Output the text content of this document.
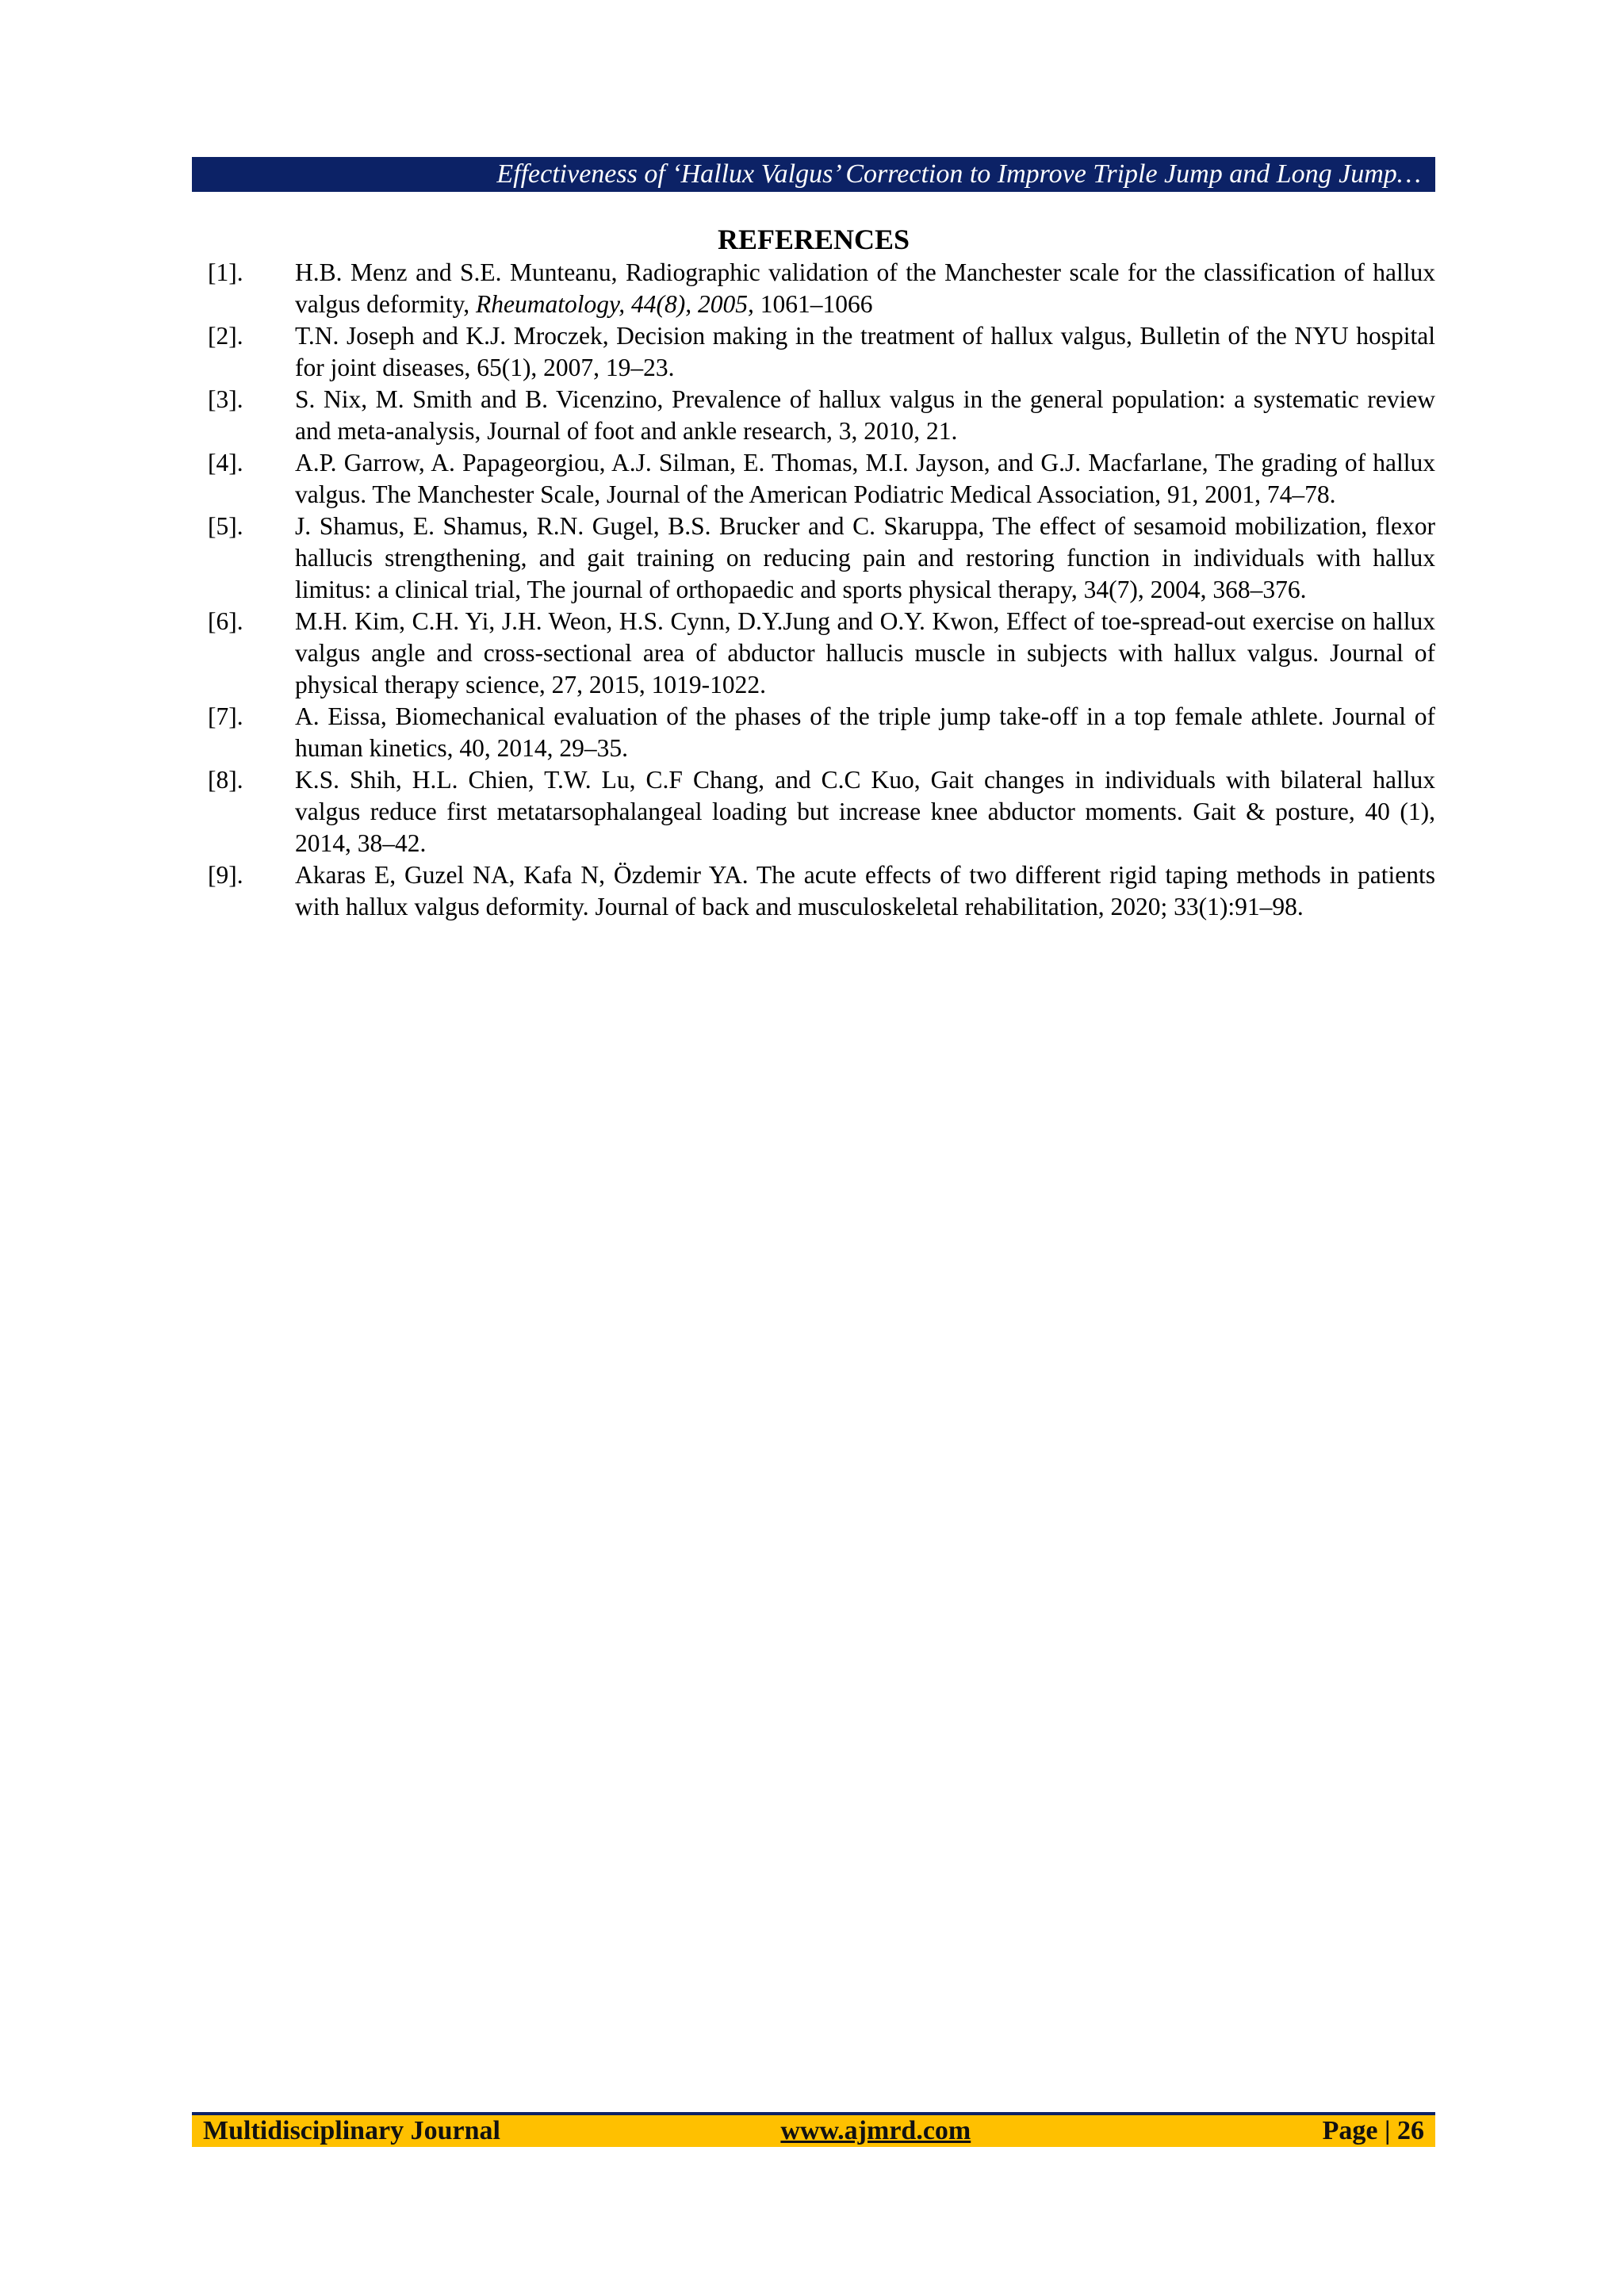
Effectiveness of ‘Hallux Valgus’ Correction to Improve Triple Jump and Long Jump…
REFERENCES
[1].	H.B. Menz and S.E. Munteanu, Radiographic validation of the Manchester scale for the classification of hallux valgus deformity, Rheumatology, 44(8), 2005, 1061–1066
[2].	T.N. Joseph and K.J. Mroczek, Decision making in the treatment of hallux valgus, Bulletin of the NYU hospital for joint diseases, 65(1), 2007, 19–23.
[3].	S. Nix, M. Smith and B. Vicenzino, Prevalence of hallux valgus in the general population: a systematic review and meta-analysis, Journal of foot and ankle research, 3, 2010, 21.
[4].	A.P. Garrow, A. Papageorgiou, A.J. Silman, E. Thomas, M.I. Jayson, and G.J. Macfarlane, The grading of hallux valgus. The Manchester Scale, Journal of the American Podiatric Medical Association, 91, 2001, 74–78.
[5].	J. Shamus, E. Shamus, R.N. Gugel, B.S. Brucker and C. Skaruppa, The effect of sesamoid mobilization, flexor hallucis strengthening, and gait training on reducing pain and restoring function in individuals with hallux limitus: a clinical trial, The journal of orthopaedic and sports physical therapy, 34(7), 2004, 368–376.
[6].	M.H. Kim, C.H. Yi, J.H. Weon, H.S. Cynn, D.Y.Jung and O.Y. Kwon, Effect of toe-spread-out exercise on hallux valgus angle and cross-sectional area of abductor hallucis muscle in subjects with hallux valgus. Journal of physical therapy science, 27, 2015, 1019-1022.
[7].	A. Eissa, Biomechanical evaluation of the phases of the triple jump take-off in a top female athlete. Journal of human kinetics, 40, 2014, 29–35.
[8].	K.S. Shih, H.L. Chien, T.W. Lu, C.F Chang, and C.C Kuo, Gait changes in individuals with bilateral hallux valgus reduce first metatarsophalangeal loading but increase knee abductor moments. Gait & posture, 40 (1), 2014, 38–42.
[9].	Akaras E, Guzel NA, Kafa N, Özdemir YA. The acute effects of two different rigid taping methods in patients with hallux valgus deformity. Journal of back and musculoskeletal rehabilitation, 2020; 33(1):91–98.
Multidisciplinary Journal	www.ajmrd.com	Page | 26
